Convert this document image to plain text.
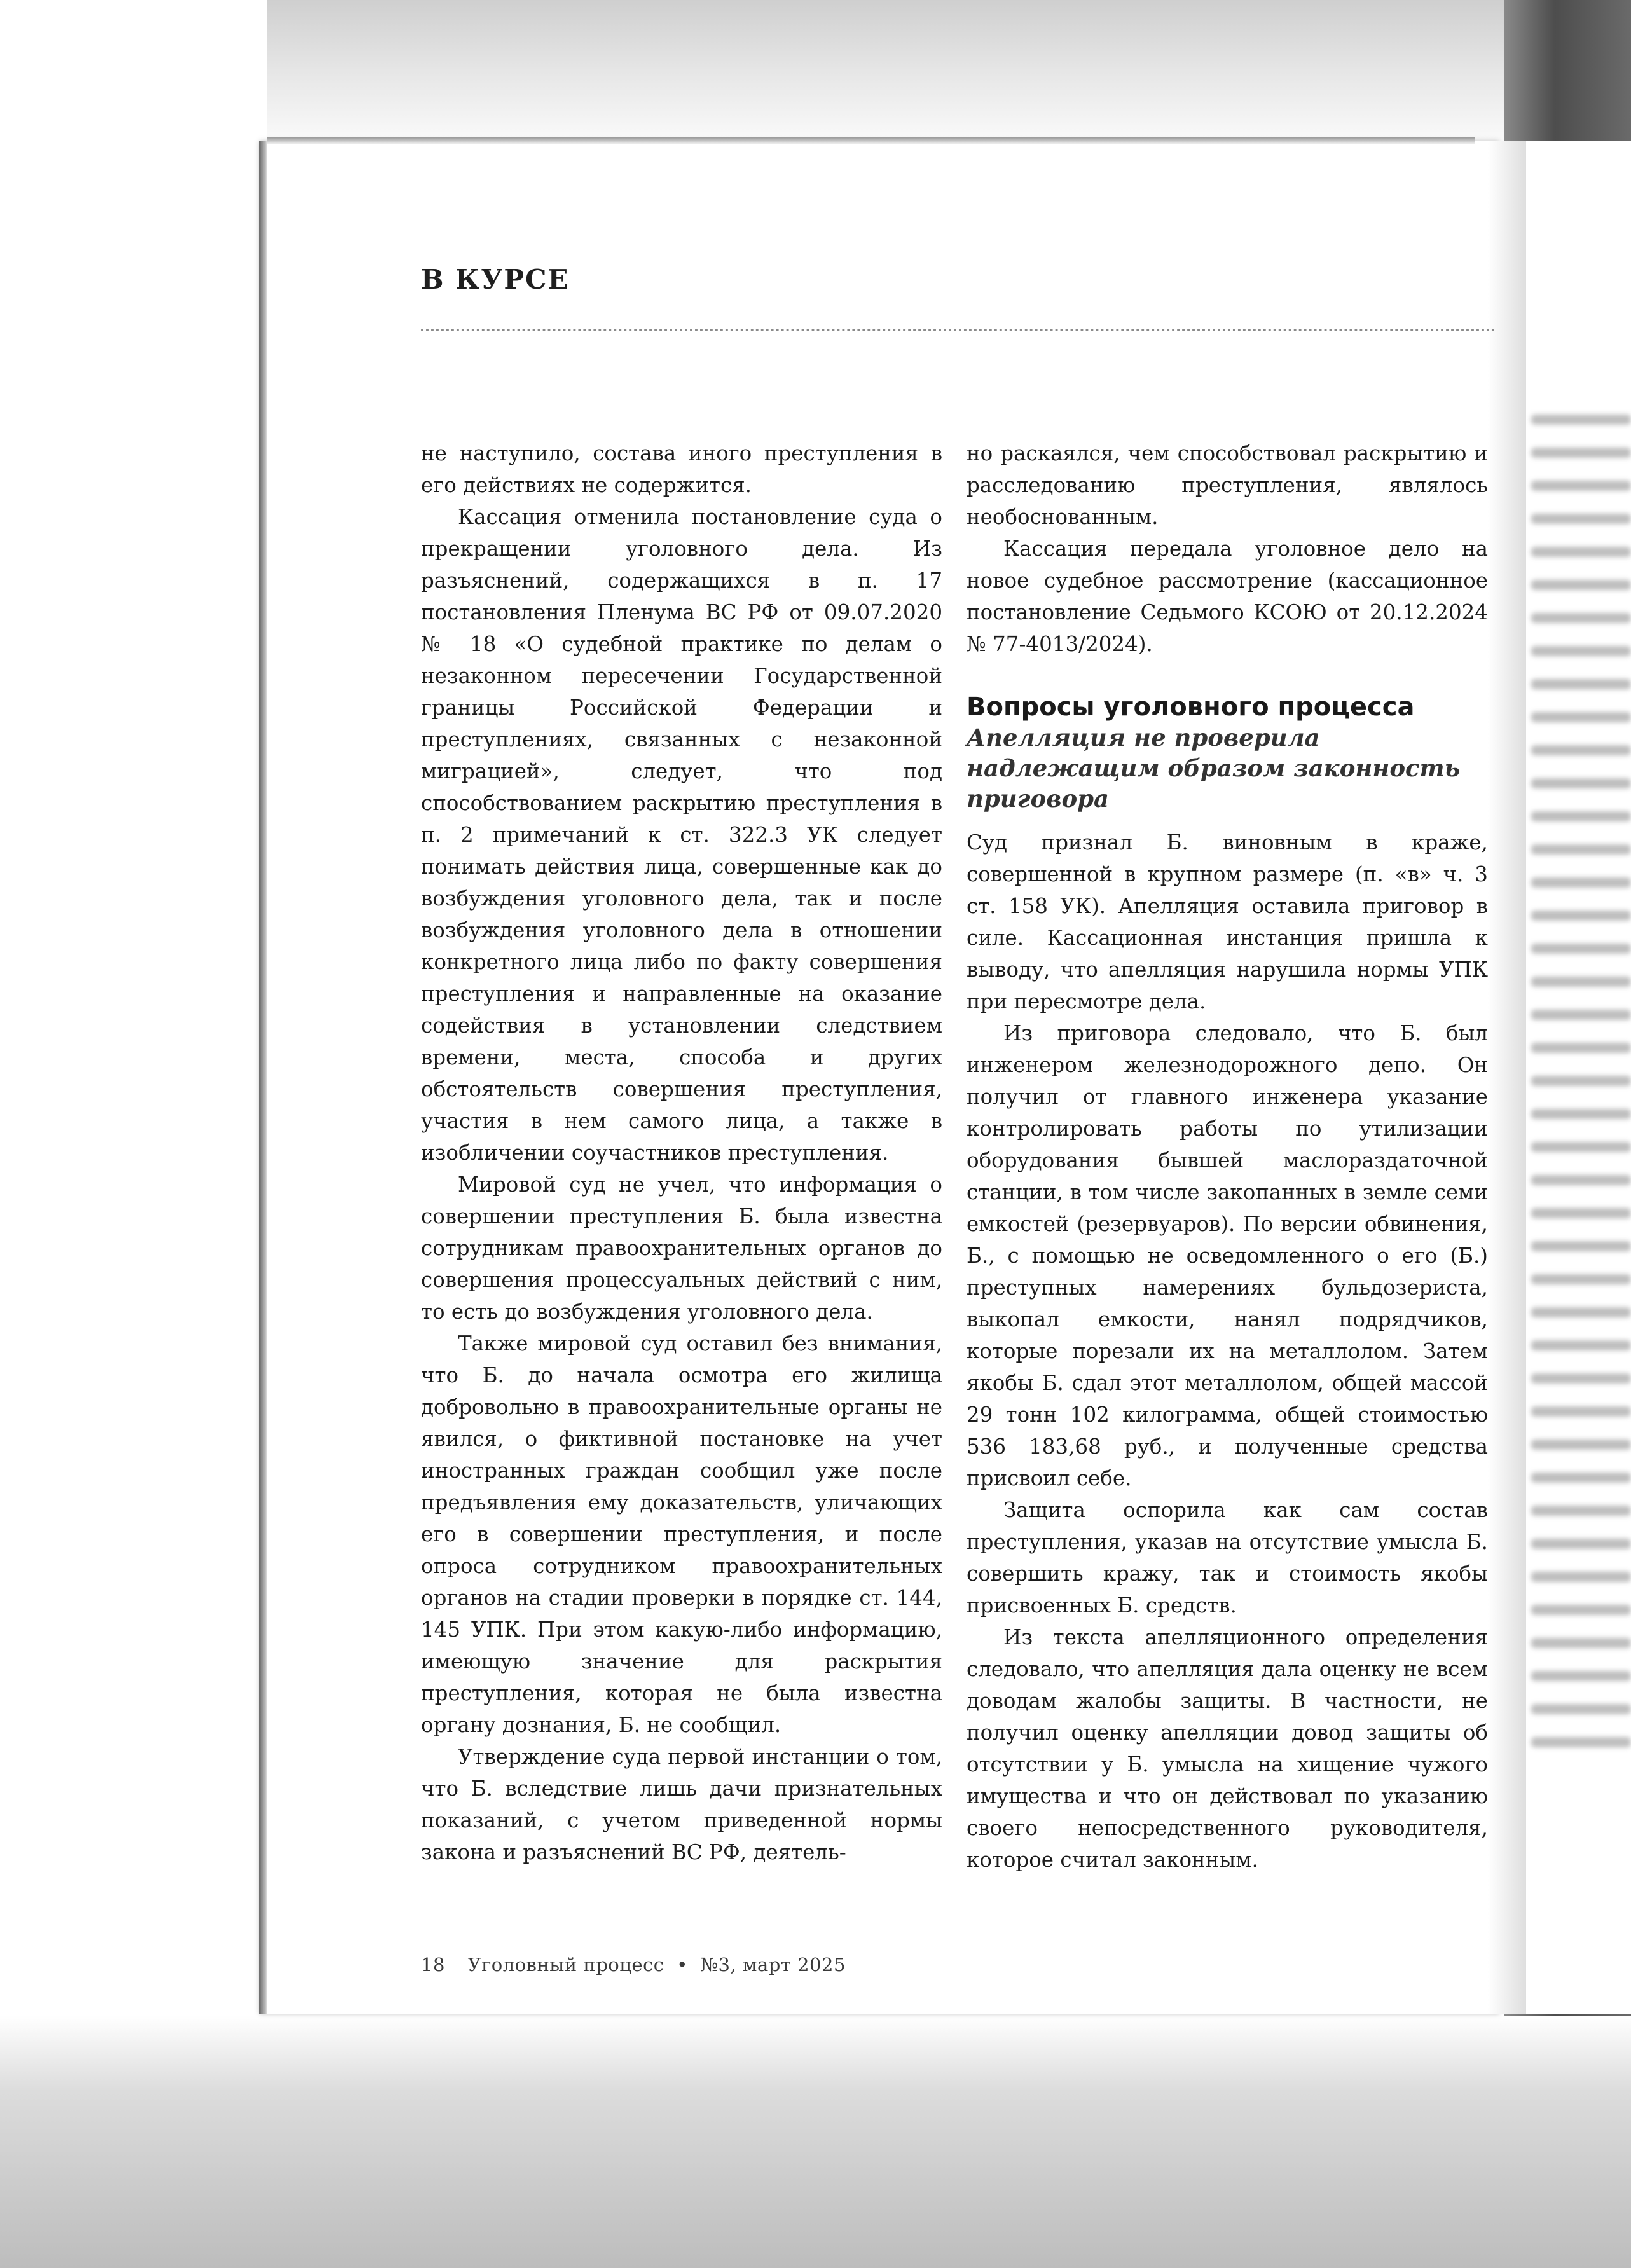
В КУРСЕ

не наступило, состава иного преступления в его действиях не содержится.

Кассация отменила постановление суда о прекращении уголовного дела. Из разъяснений, содержащихся в п. 17 постановления Пленума ВС РФ от 09.07.2020 № 18 «О судебной практике по делам о незаконном пересечении Государственной границы Российской Федерации и преступлениях, связанных с незаконной миграцией», следует, что под способствованием раскрытию преступления в п. 2 примечаний к ст. 322.3 УК следует понимать действия лица, совершенные как до возбуждения уголовного дела, так и после возбуждения уголовного дела в отношении конкретного лица либо по факту совершения преступления и направленные на оказание содействия в установлении следствием времени, места, способа и других обстоятельств совершения преступления, участия в нем самого лица, а также в изобличении соучастников преступления.

Мировой суд не учел, что информация о совершении преступления Б. была известна сотрудникам правоохранительных органов до совершения процессуальных действий с ним, то есть до возбуждения уголовного дела.

Также мировой суд оставил без внимания, что Б. до начала осмотра его жилища добровольно в правоохранительные органы не явился, о фиктивной постановке на учет иностранных граждан сообщил уже после предъявления ему доказательств, уличающих его в совершении преступления, и после опроса сотрудником правоохранительных органов на стадии проверки в порядке ст. 144, 145 УПК. При этом какую-либо информацию, имеющую значение для раскрытия преступления, которая не была известна органу дознания, Б. не сообщил.

Утверждение суда первой инстанции о том, что Б. вследствие лишь дачи признательных показаний, с учетом приведенной нормы закона и разъяснений ВС РФ, деятель-

но раскаялся, чем способствовал раскрытию и расследованию преступления, являлось необоснованным.

Кассация передала уголовное дело на новое судебное рассмотрение (кассационное постановление Седьмого КСОЮ от 20.12.2024 № 77-4013/2024).

Вопросы уголовного процесса
Апелляция не проверила надлежащим образом законность приговора

Суд признал Б. виновным в краже, совершенной в крупном размере (п. «в» ч. 3 ст. 158 УК). Апелляция оставила приговор в силе. Кассационная инстанция пришла к выводу, что апелляция нарушила нормы УПК при пересмотре дела.

Из приговора следовало, что Б. был инженером железнодорожного депо. Он получил от главного инженера указание контролировать работы по утилизации оборудования бывшей маслораздаточной станции, в том числе закопанных в земле семи емкостей (резервуаров). По версии обвинения, Б., с помощью не осведомленного о его (Б.) преступных намерениях бульдозериста, выкопал емкости, нанял подрядчиков, которые порезали их на металлолом. Затем якобы Б. сдал этот металлолом, общей массой 29 тонн 102 килограмма, общей стоимостью 536 183,68 руб., и полученные средства присвоил себе.

Защита оспорила как сам состав преступления, указав на отсутствие умысла Б. совершить кражу, так и стоимость якобы присвоенных Б. средств.

Из текста апелляционного определения следовало, что апелляция дала оценку не всем доводам жалобы защиты. В частности, не получил оценку апелляции довод защиты об отсутствии у Б. умысла на хищение чужого имущества и что он действовал по указанию своего непосредственного руководителя, которое считал законным.

18 Уголовный процесс • №3, март 2025
